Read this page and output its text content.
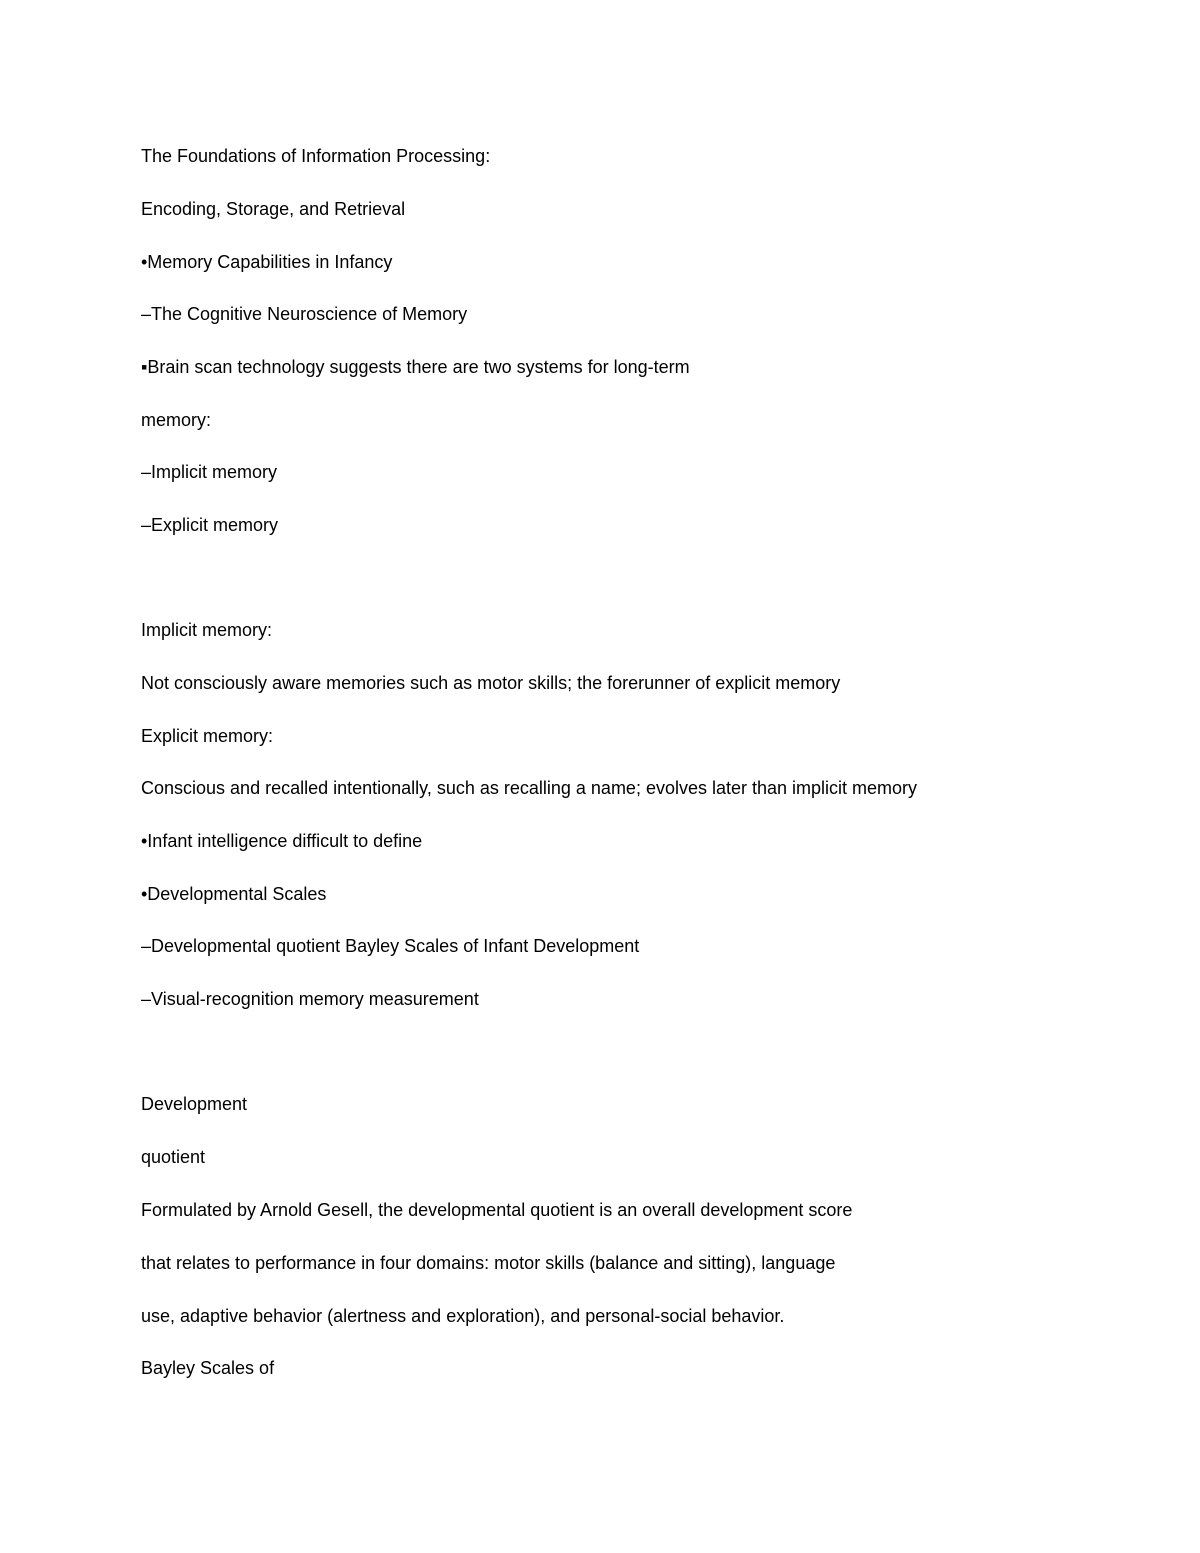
The Foundations of Information Processing:

Encoding, Storage, and Retrieval

•Memory Capabilities in Infancy

–The Cognitive Neuroscience of Memory

▪Brain scan technology suggests there are two systems for long-term

memory:

–Implicit memory

–Explicit memory

Implicit memory:

Not consciously aware memories such as motor skills; the forerunner of explicit memory

Explicit memory:

Conscious and recalled intentionally, such as recalling a name; evolves later than implicit memory

•Infant intelligence difficult to define

•Developmental Scales

–Developmental quotient Bayley Scales of Infant Development

–Visual-recognition memory measurement

Development

quotient

Formulated by Arnold Gesell, the developmental quotient is an overall development score

that relates to performance in four domains: motor skills (balance and sitting), language

use, adaptive behavior (alertness and exploration), and personal-social behavior.

Bayley Scales of
